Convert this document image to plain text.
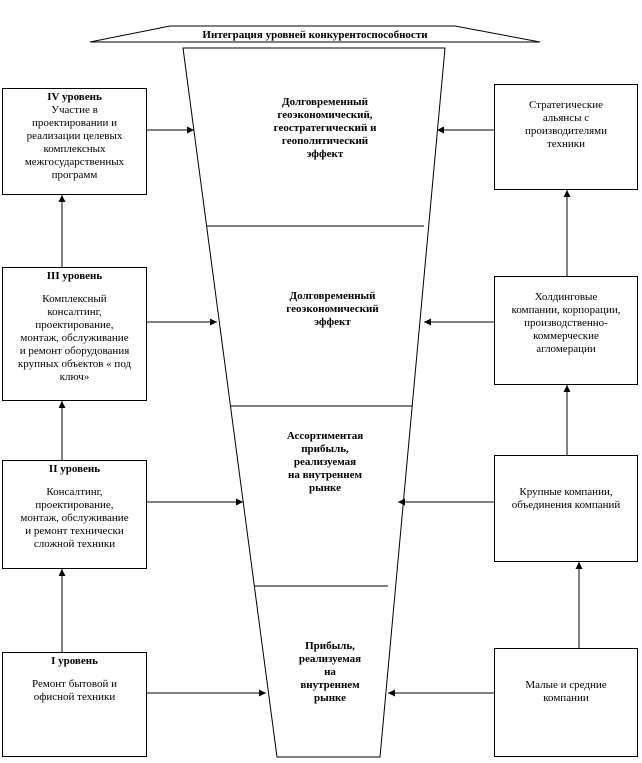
Интеграция уровней конкурентоспособности
Долговременный
геоэкономический,
геостратегический и
геополитический
эффект
Долговременный
геоэкономический
эффект
Ассортиментая
прибыль,
реализуемая
на внутреннем
рынке
Прибыль,
реализуемая
на
внутреннем
рынке
IV уровень
Участие в
проектировании и
реализации целевых
комплексных
межгосударственных
программ
III уровень
Комплексный
консалтинг,
проектирование,
монтаж, обслуживание
и ремонт оборудования
крупных объектов « под
ключ»
II уровень
Консалтинг,
проектирование,
монтаж, обслуживание
и ремонт технически
сложной техники
I уровень
Ремонт бытовой и
офисной техники
Стратегические
альянсы с
производителями
техники
Холдинговые
компании, корпорации,
производственно-
коммерческие
агломерации
Крупные компании,
объединения компаний
Малые и средние
компании
